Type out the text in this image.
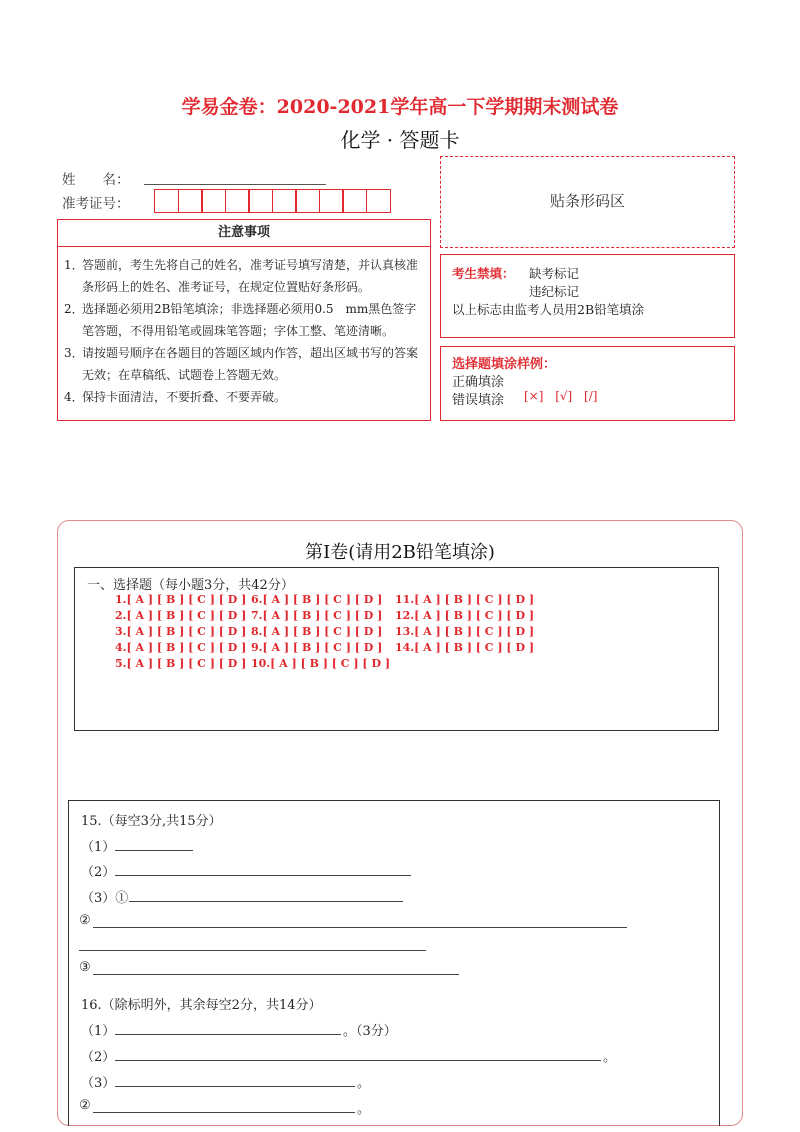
学易金卷：2020-2021学年高一下学期期末测试卷
化学 · 答题卡
姓　　名：
准考证号：
注意事项
1．
答题前，考生先将自己的姓名，准考证号填写清楚，并认真核准条形码上的姓名、准考证号，在规定位置贴好条形码。
2．
选择题必须用2B铅笔填涂；非选择题必须用0.5　mm黑色签字笔答题，不得用铅笔或圆珠笔答题；字体工整、笔迹清晰。
3．
请按题号顺序在各题目的答题区域内作答，超出区域书写的答案无效；在草稿纸、试题卷上答题无效。
4．
保持卡面清洁，不要折叠、不要弄破。
贴条形码区
考生禁填： 缺考标记
违纪标记
以上标志由监考人员用2B铅笔填涂
选择题填涂样例：
正确填涂
错误填涂 [×] [√] [/]
第Ⅰ卷(请用2B铅笔填涂)
一、选择题（每小题3分，共42分）
1.[ A ] [ B ] [ C ] [ D ]
2.[ A ] [ B ] [ C ] [ D ]
3.[ A ] [ B ] [ C ] [ D ]
4.[ A ] [ B ] [ C ] [ D ]
5.[ A ] [ B ] [ C ] [ D ]
6.[ A ] [ B ] [ C ] [ D ]
7.[ A ] [ B ] [ C ] [ D ]
8.[ A ] [ B ] [ C ] [ D ]
9.[ A ] [ B ] [ C ] [ D ]
10.[ A ] [ B ] [ C ] [ D ]
11.[ A ] [ B ] [ C ] [ D ]
12.[ A ] [ B ] [ C ] [ D ]
13.[ A ] [ B ] [ C ] [ D ]
14.[ A ] [ B ] [ C ] [ D ]
15.（每空3分,共15分）
（1）
（2）
（3）①
②
③
16.（除标明外，其余每空2分，共14分）
（1）	。（3分）
（2）	。
（3）	。
②	。
